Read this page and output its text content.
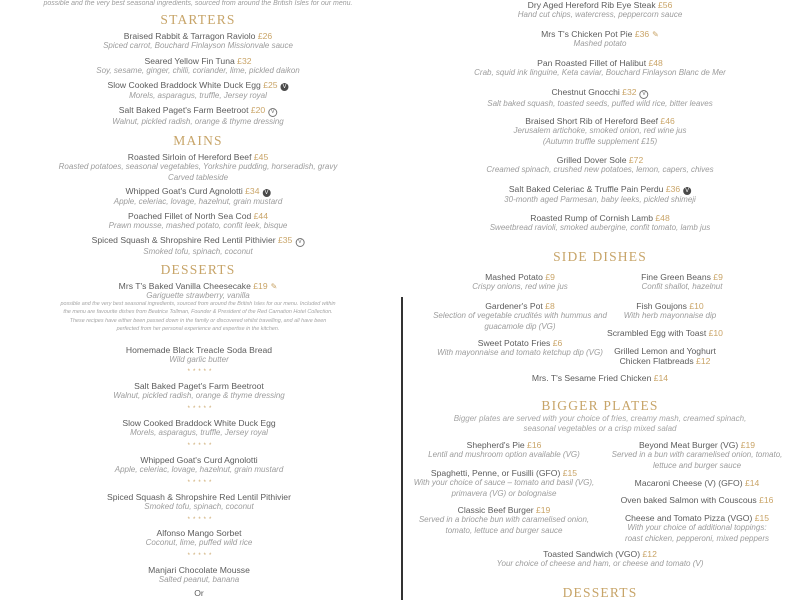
possible and the very best seasonal ingredients, sourced from around the British Isles for our menu.
STARTERS
MAINS
DESSERTS
possible and the very best seasonal ingredients, sourced from around the British Isles for our menu. Included within
the menu are favourite dishes from Beatrice Tollman, Founder & President of the Red Carnation Hotel Collection.
These recipes have either been passed down in the family or discovered whilst travelling, and all have been
perfected from her personal experience and expertise in the kitchen.
Or
SIDE DISHES
BIGGER PLATES
Bigger plates are served with your choice of fries, creamy mash, creamed spinach,
seasonal vegetables or a crisp mixed salad
DESSERTS
Braised Rabbit & Tarragon Raviolo £26
Spiced carrot, Bouchard Finlayson Missionvale sauce
Seared Yellow Fin Tuna £32
Soy, sesame, ginger, chilli, coriander, lime, pickled daikon
Slow Cooked Braddock White Duck Egg £25 V
Morels, asparagus, truffle, Jersey royal
Salt Baked Paget's Farm Beetroot £20 V
Walnut, pickled radish, orange & thyme dressing
Roasted Sirloin of Hereford Beef £45
Roasted potatoes, seasonal vegetables, Yorkshire pudding, horseradish, gravy
Carved tableside
Whipped Goat's Curd Agnolotti £34 V
Apple, celeriac, lovage, hazelnut, grain mustard
Poached Fillet of North Sea Cod £44
Prawn mousse, mashed potato, confit leek, bisque
Spiced Squash & Shropshire Red Lentil Pithivier £35 V
Smoked tofu, spinach, coconut
Mrs T's Baked Vanilla Cheesecake £19 ✎
Gariguette strawberry, vanilla
Homemade Black Treacle Soda Bread
Wild garlic butter
Salt Baked Paget's Farm Beetroot
Walnut, pickled radish, orange & thyme dressing
Slow Cooked Braddock White Duck Egg
Morels, asparagus, truffle, Jersey royal
Whipped Goat's Curd Agnolotti
Apple, celeriac, lovage, hazelnut, grain mustard
Spiced Squash & Shropshire Red Lentil Pithivier
Smoked tofu, spinach, coconut
Alfonso Mango Sorbet
Coconut, lime, puffed wild rice
Manjari Chocolate Mousse
Salted peanut, banana
Dry Aged Hereford Rib Eye Steak £56
Hand cut chips, watercress, peppercorn sauce
Mrs T's Chicken Pot Pie £36 ✎
Mashed potato
Pan Roasted Fillet of Halibut £48
Crab, squid ink linguine, Keta caviar, Bouchard Finlayson Blanc de Mer
Chestnut Gnocchi £32 V
Salt baked squash, toasted seeds, puffed wild rice, bitter leaves
Braised Short Rib of Hereford Beef £46
Jerusalem artichoke, smoked onion, red wine jus
(Autumn truffle supplement £15)
Grilled Dover Sole £72
Creamed spinach, crushed new potatoes, lemon, capers, chives
Salt Baked Celeriac & Truffle Pain Perdu £36 V
30-month aged Parmesan, baby leeks, pickled shimeji
Roasted Rump of Cornish Lamb £48
Sweetbread ravioli, smoked aubergine, confit tomato, lamb jus
Mashed Potato £9
Crispy onions, red wine jus
Fine Green Beans £9
Confit shallot, hazelnut
Gardener's Pot £8
Selection of vegetable crudités with hummus and
guacamole dip (VG)
Fish Goujons £10
With herb mayonnaise dip
Scrambled Egg with Toast £10
Sweet Potato Fries £6
With mayonnaise and tomato ketchup dip (VG) Grilled Lemon and Yoghurt
Chicken Flatbreads £12
Mrs. T's Sesame Fried Chicken £14
Shepherd's Pie £16
Lentil and mushroom option available (VG)
Beyond Meat Burger (VG) £19
Served in a bun with caramelised onion, tomato,
lettuce and burger sauce
Spaghetti, Penne, or Fusilli (GFO) £15
With your choice of sauce – tomato and basil (VG),
primavera (VG) or bolognaise
Macaroni Cheese (V) (GFO) £14
Oven baked Salmon with Couscous £16
Classic Beef Burger £19
Served in a brioche bun with caramelised onion,
tomato, lettuce and burger sauce
Cheese and Tomato Pizza (VGO) £15
With your choice of additional toppings:
roast chicken, pepperoni, mixed peppers
Toasted Sandwich (VGO) £12
Your choice of cheese and ham, or cheese and tomato (V)
*****
*****
*****
*****
*****
*****
